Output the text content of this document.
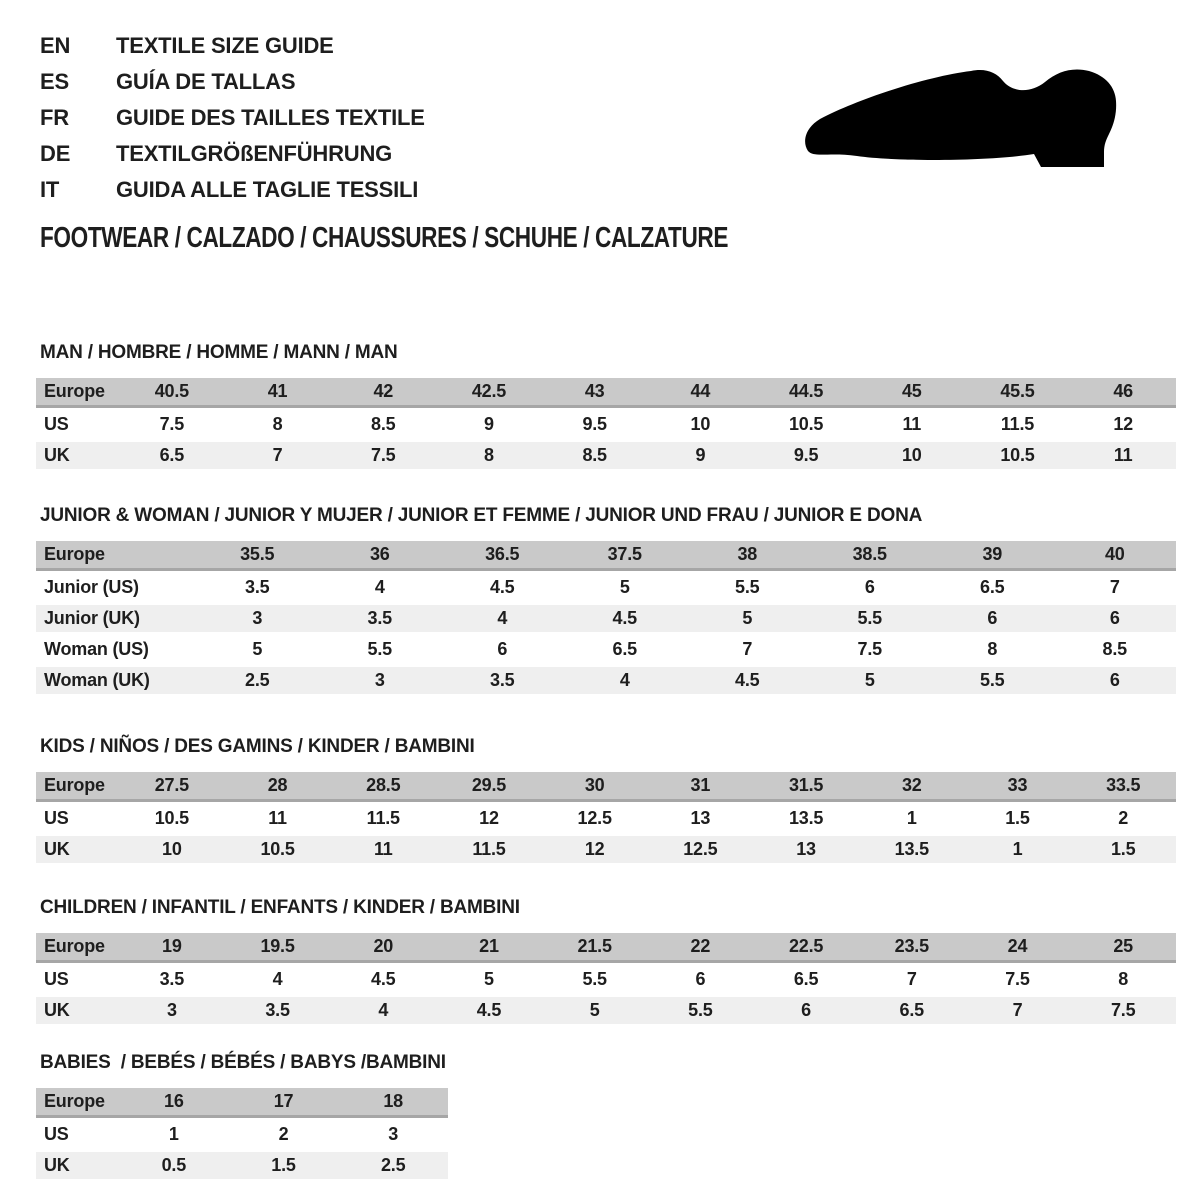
EN	TEXTILE SIZE GUIDE
ES	GUÍA DE TALLAS
FR	GUIDE DES TAILLES TEXTILE
DE	TEXTILGRÖßENFÜHRUNG
IT	GUIDA ALLE TAGLIE TESSILI
FOOTWEAR / CALZADO / CHAUSSURES / SCHUHE / CALZATURE
MAN / HOMBRE / HOMME / MANN / MAN
Europe	40.5	41	42	42.5	43	44	44.5	45	45.5	46
US	7.5	8	8.5	9	9.5	10	10.5	11	11.5	12
UK	6.5	7	7.5	8	8.5	9	9.5	10	10.5	11
JUNIOR & WOMAN / JUNIOR Y MUJER / JUNIOR ET FEMME / JUNIOR UND FRAU / JUNIOR E DONA
Europe	35.5	36	36.5	37.5	38	38.5	39	40
Junior (US)	3.5	4	4.5	5	5.5	6	6.5	7
Junior (UK)	3	3.5	4	4.5	5	5.5	6	6
Woman (US)	5	5.5	6	6.5	7	7.5	8	8.5
Woman (UK)	2.5	3	3.5	4	4.5	5	5.5	6
KIDS / NIÑOS / DES GAMINS / KINDER / BAMBINI
Europe	27.5	28	28.5	29.5	30	31	31.5	32	33	33.5
US	10.5	11	11.5	12	12.5	13	13.5	1	1.5	2
UK	10	10.5	11	11.5	12	12.5	13	13.5	1	1.5
CHILDREN / INFANTIL / ENFANTS / KINDER / BAMBINI
Europe	19	19.5	20	21	21.5	22	22.5	23.5	24	25
US	3.5	4	4.5	5	5.5	6	6.5	7	7.5	8
UK	3	3.5	4	4.5	5	5.5	6	6.5	7	7.5
BABIES  / BEBÉS / BÉBÉS / BABYS /BAMBINI
Europe	16	17	18
US	1	2	3
UK	0.5	1.5	2.5
